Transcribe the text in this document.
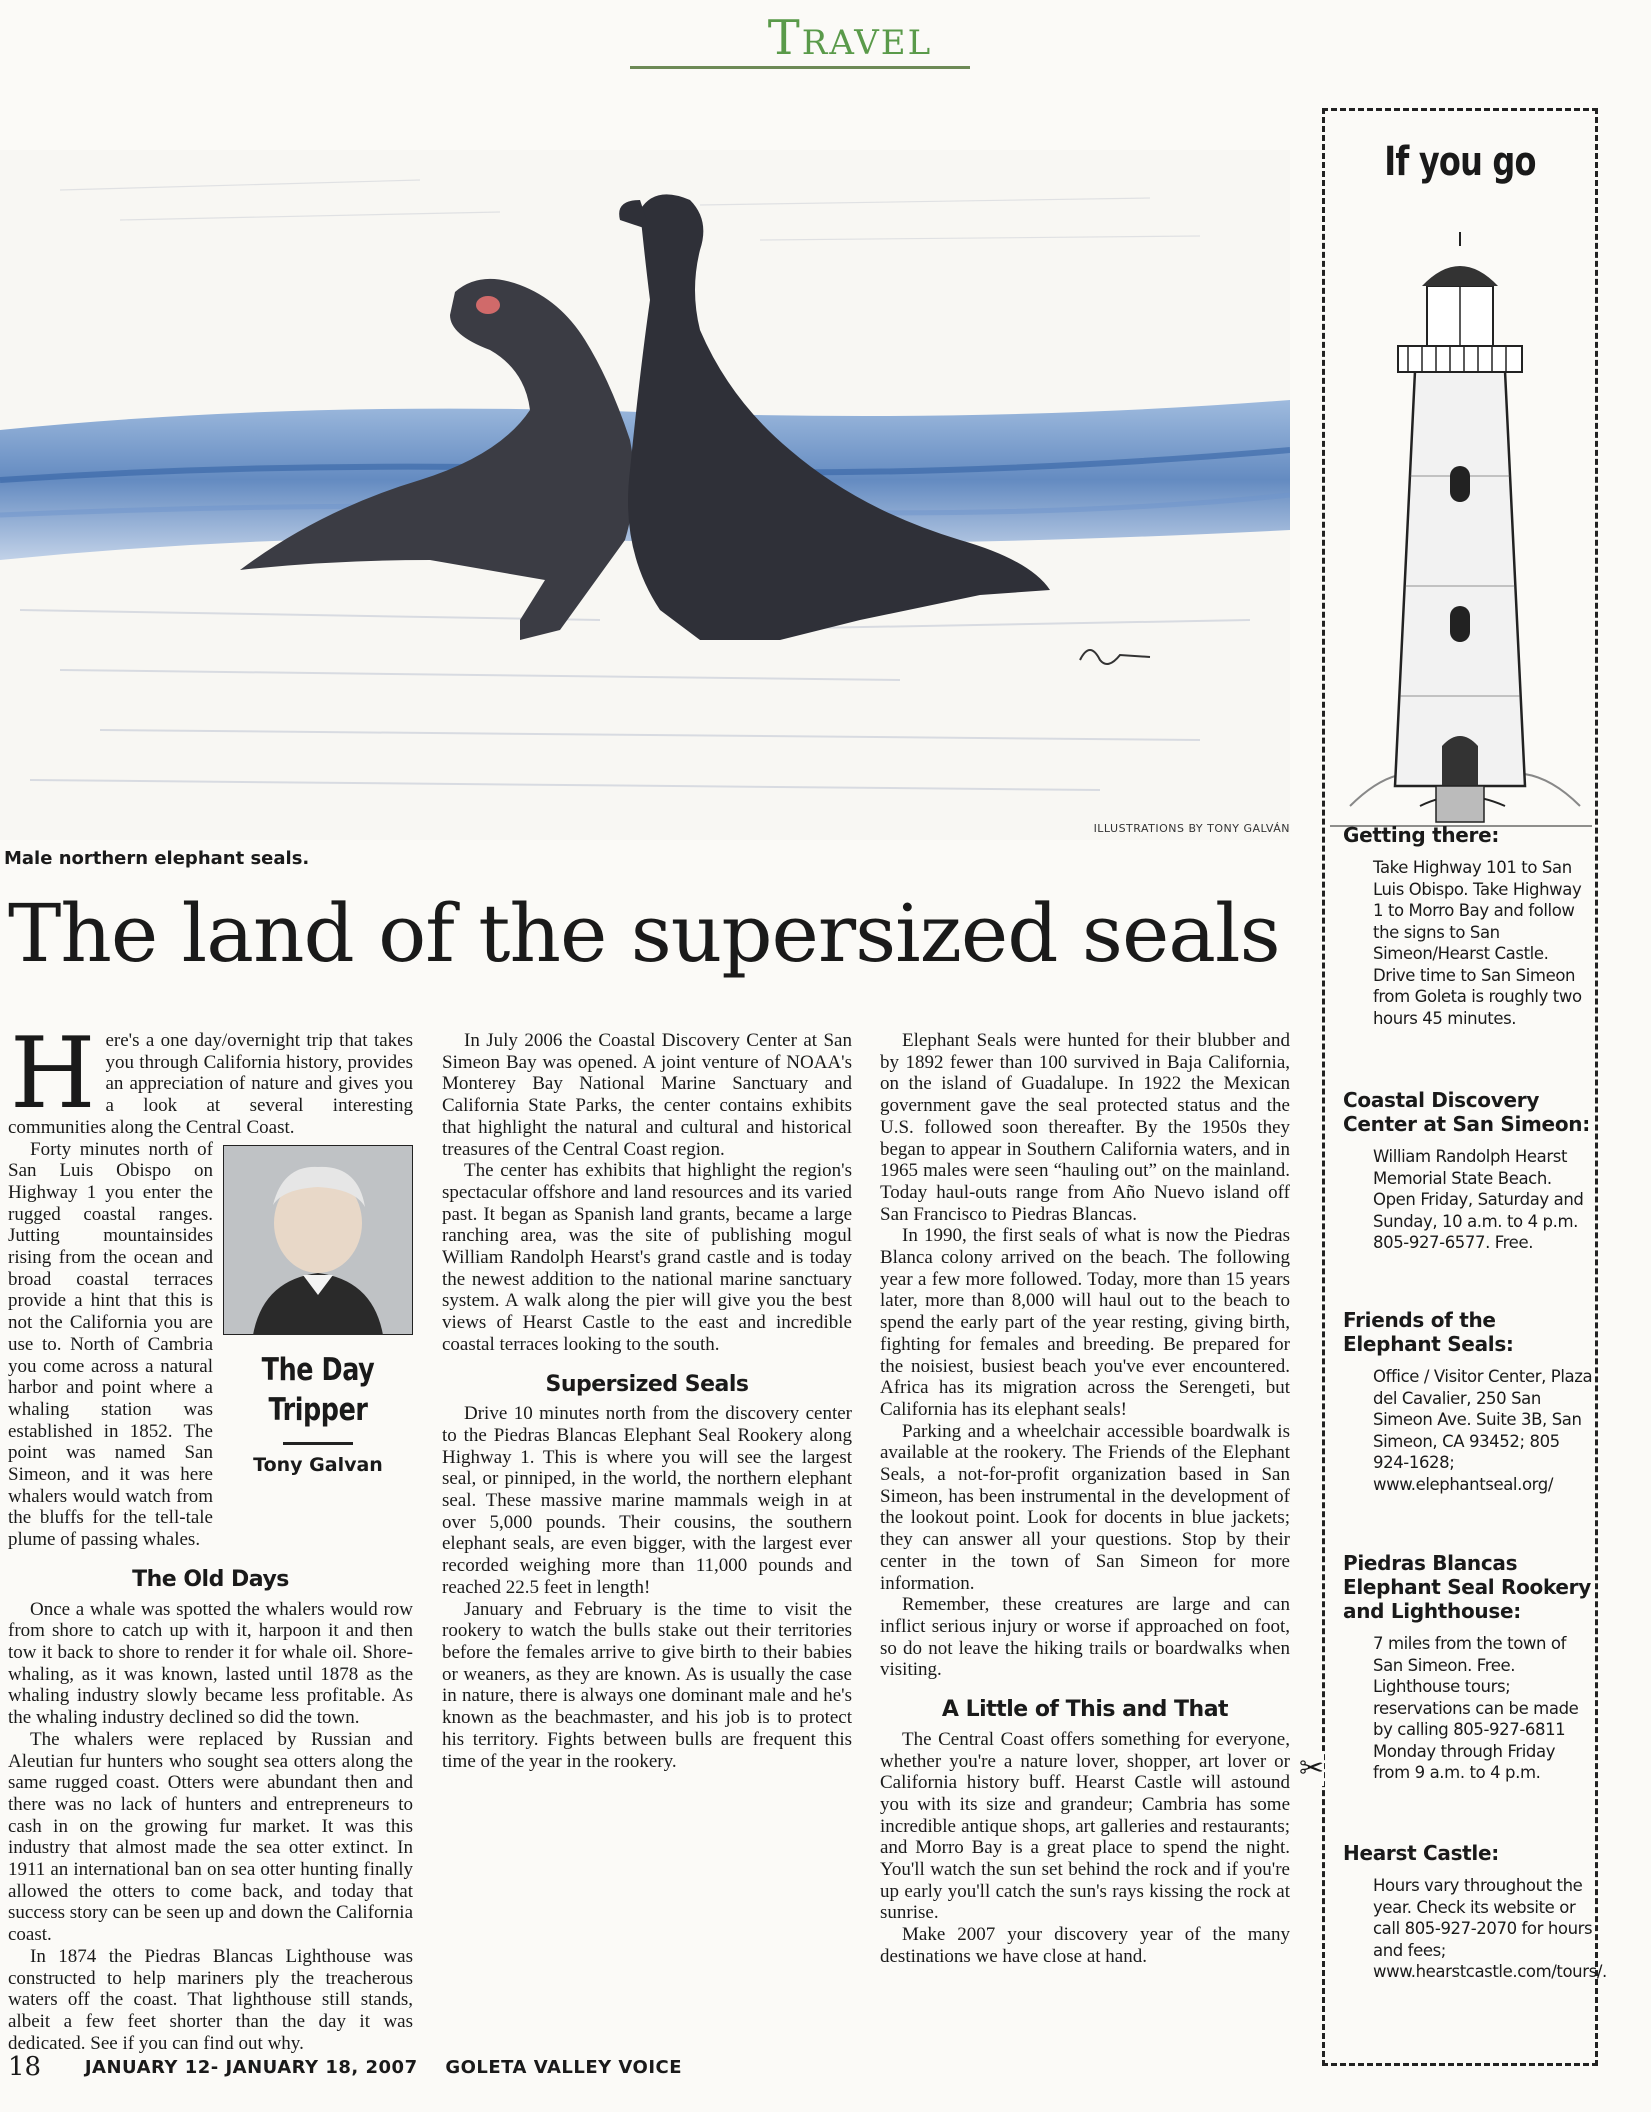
Travel
ILLUSTRATIONS BY TONY GALVÁN
Male northern elephant seals.
The land of the supersized seals

Here's a one day/overnight trip that takes you through California history, provides an appreciation of nature and gives you a look at several interesting communities along the Central Coast.

The Day
Tripper
Tony Galvan

Forty minutes north of San Luis Obispo on Highway 1 you enter the rugged coastal ranges. Jutting mountainsides rising from the ocean and broad coastal terraces provide a hint that this is not the California you are use to. North of Cambria you come across a natural harbor and point where a whaling station was established in 1852. The point was named San Simeon, and it was here whalers would watch from the bluffs for the tell-tale plume of passing whales.

The Old Days

Once a whale was spotted the whalers would row from shore to catch up with it, harpoon it and then tow it back to shore to render it for whale oil. Shore-whaling, as it was known, lasted until 1878 as the whaling industry slowly became less profitable. As the whaling industry declined so did the town.

The whalers were replaced by Russian and Aleutian fur hunters who sought sea otters along the same rugged coast. Otters were abundant then and there was no lack of hunters and entrepreneurs to cash in on the growing fur market. It was this industry that almost made the sea otter extinct. In 1911 an international ban on sea otter hunting finally allowed the otters to come back, and today that success story can be seen up and down the California coast.

In 1874 the Piedras Blancas Lighthouse was constructed to help mariners ply the treacherous waters off the coast. That lighthouse still stands, albeit a few feet shorter than the day it was dedicated. See if you can find out why.

In July 2006 the Coastal Discovery Center at San Simeon Bay was opened. A joint venture of NOAA's Monterey Bay National Marine Sanctuary and California State Parks, the center contains exhibits that highlight the natural and cultural and historical treasures of the Central Coast region.

The center has exhibits that highlight the region's spectacular offshore and land resources and its varied past. It began as Spanish land grants, became a large ranching area, was the site of publishing mogul William Randolph Hearst's grand castle and is today the newest addition to the national marine sanctuary system. A walk along the pier will give you the best views of Hearst Castle to the east and incredible coastal terraces looking to the south.

Supersized Seals

Drive 10 minutes north from the discovery center to the Piedras Blancas Elephant Seal Rookery along Highway 1. This is where you will see the largest seal, or pinniped, in the world, the northern elephant seal. These massive marine mammals weigh in at over 5,000 pounds. Their cousins, the southern elephant seals, are even bigger, with the largest ever recorded weighing more than 11,000 pounds and reached 22.5 feet in length!

January and February is the time to visit the rookery to watch the bulls stake out their territories before the females arrive to give birth to their babies or weaners, as they are known. As is usually the case in nature, there is always one dominant male and he's known as the beachmaster, and his job is to protect his territory. Fights between bulls are frequent this time of the year in the rookery.

Elephant Seals were hunted for their blubber and by 1892 fewer than 100 survived in Baja California, on the island of Guadalupe. In 1922 the Mexican government gave the seal protected status and the U.S. followed soon thereafter. By the 1950s they began to appear in Southern California waters, and in 1965 males were seen “hauling out” on the mainland. Today haul-outs range from Año Nuevo island off San Francisco to Piedras Blancas.

In 1990, the first seals of what is now the Piedras Blanca colony arrived on the beach. The following year a few more followed. Today, more than 15 years later, more than 8,000 will haul out to the beach to spend the early part of the year resting, giving birth, fighting for females and breeding. Be prepared for the noisiest, busiest beach you've ever encountered. Africa has its migration across the Serengeti, but California has its elephant seals!

Parking and a wheelchair accessible boardwalk is available at the rookery. The Friends of the Elephant Seals, a not-for-profit organization based in San Simeon, has been instrumental in the development of the lookout point. Look for docents in blue jackets; they can answer all your questions. Stop by their center in the town of San Simeon for more information.

Remember, these creatures are large and can inflict serious injury or worse if approached on foot, so do not leave the hiking trails or boardwalks when visiting.

A Little of This and That

The Central Coast offers something for everyone, whether you're a nature lover, shopper, art lover or California history buff. Hearst Castle will astound you with its size and grandeur; Cambria has some incredible antique shops, art galleries and restaurants; and Morro Bay is a great place to spend the night. You'll watch the sun set behind the rock and if you're up early you'll catch the sun's rays kissing the rock at sunrise.

Make 2007 your discovery year of the many destinations we have close at hand.

If you go
Getting there:
Take Highway 101 to San Luis Obispo. Take Highway 1 to Morro Bay and follow the signs to San Simeon/Hearst Castle. Drive time to San Simeon from Goleta is roughly two hours 45 minutes.
Coastal Discovery Center at San Simeon:
William Randolph Hearst Memorial State Beach. Open Friday, Saturday and Sunday, 10 a.m. to 4 p.m. 805-927-6577. Free.
Friends of the Elephant Seals:
Office / Visitor Center, Plaza del Cavalier, 250 San Simeon Ave. Suite 3B, San Simeon, CA 93452; 805 924-1628; www.elephantseal.org/
Piedras Blancas Elephant Seal Rookery and Lighthouse:
7 miles from the town of San Simeon. Free. Lighthouse tours; reservations can be made by calling 805-927-6811 Monday through Friday from 9 a.m. to 4 p.m.
Hearst Castle:
Hours vary throughout the year. Check its website or call 805-927-2070 for hours and fees; www.hearstcastle.com/tours/.
✂
18 JANUARY 12- JANUARY 18, 2007 GOLETA VALLEY VOICE
